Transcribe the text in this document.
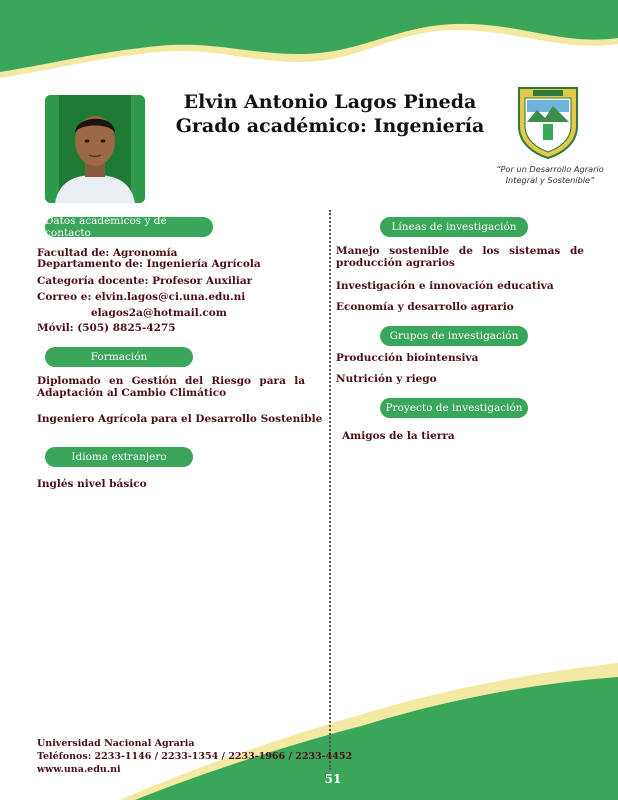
Elvin Antonio Lagos Pineda
Grado académico: Ingeniería
“Por un Desarrollo Agrario
Integral y Sostenible”
Datos académicos y de contacto
Facultad de: Agronomía
Departamento de: Ingeniería Agrícola
Categoría docente: Profesor Auxiliar
Correo e: elvin.lagos@ci.una.edu.ni
elagos2a@hotmail.com
Móvil: (505) 8825-4275
Formación
Diplomado en Gestión del Riesgo para la Adaptación al Cambio Climático
Ingeniero Agrícola para el Desarrollo Sostenible
Idioma extranjero
Inglés nivel básico
Líneas de investigación
Manejo sostenible de los sistemas de producción agrarios
Investigación e innovación educativa
Economía y desarrollo agrario
Grupos de investigación
Producción biointensiva
Nutrición y riego
Proyecto de investigación
Amigos de la tierra
Universidad Nacional Agraria
Teléfonos: 2233-1146 / 2233-1354 / 2233-1966 / 2233-4452
www.una.edu.ni
51
